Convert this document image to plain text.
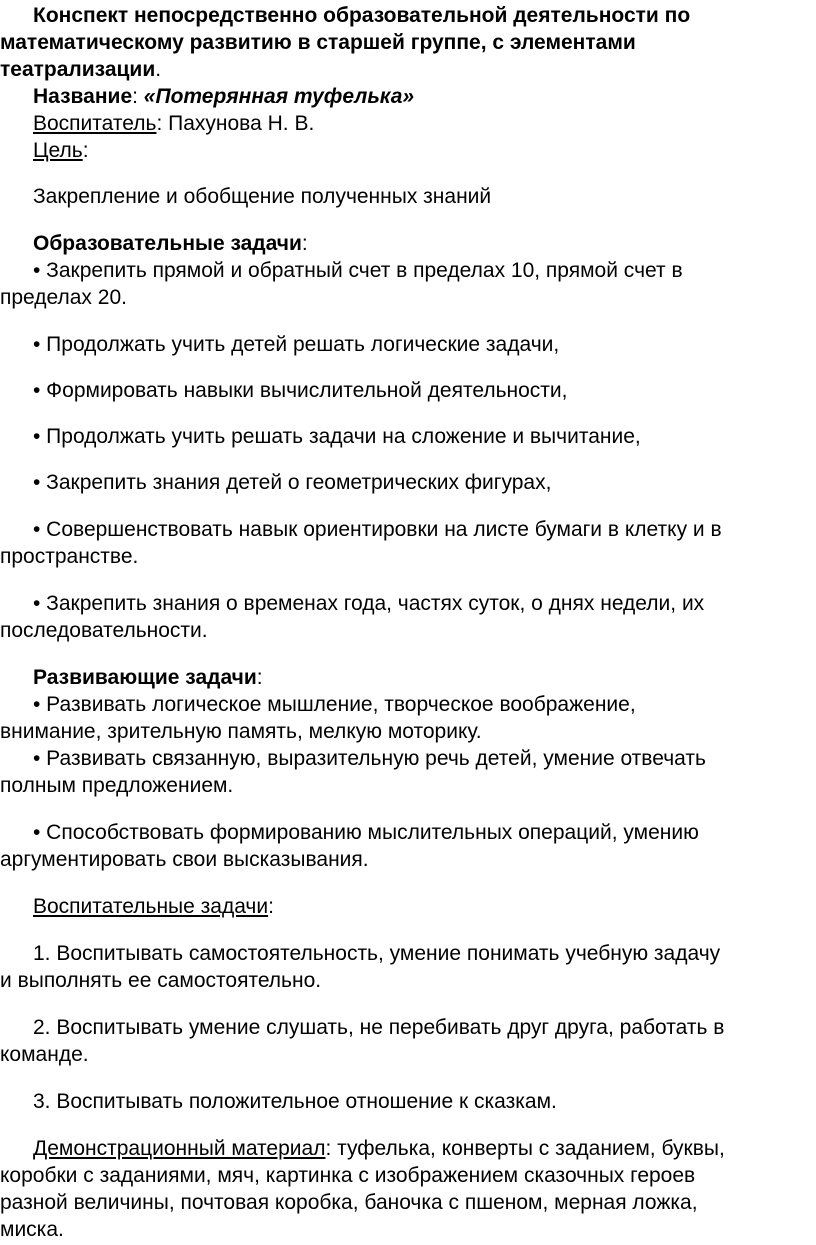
Конспект непосредственно образовательной деятельности по
математическому развитию в старшей группе, с элементами
театрализации.
Название: «Потерянная туфелька»
Воспитатель: Пахунова Н. В.
Цель:
Закрепление и обобщение полученных знаний
Образовательные задачи:
• Закрепить прямой и обратный счет в пределах 10, прямой счет в
пределах 20.
• Продолжать учить детей решать логические задачи,
• Формировать навыки вычислительной деятельности,
• Продолжать учить решать задачи на сложение и вычитание,
• Закрепить знания детей о геометрических фигурах,
• Совершенствовать навык ориентировки на листе бумаги в клетку и в
пространстве.
• Закрепить знания о временах года, частях суток, о днях недели, их
последовательности.
Развивающие задачи:
• Развивать логическое мышление, творческое воображение,
внимание, зрительную память, мелкую моторику.
• Развивать связанную, выразительную речь детей, умение отвечать
полным предложением.
• Способствовать формированию мыслительных операций, умению
аргументировать свои высказывания.
Воспитательные задачи:
1. Воспитывать самостоятельность, умение понимать учебную задачу
и выполнять ее самостоятельно.
2. Воспитывать умение слушать, не перебивать друг друга, работать в
команде.
3. Воспитывать положительное отношение к сказкам.
Демонстрационный материал: туфелька, конверты с заданием, буквы,
коробки с заданиями, мяч, картинка с изображением сказочных героев
разной величины, почтовая коробка, баночка с пшеном, мерная ложка,
миска.
